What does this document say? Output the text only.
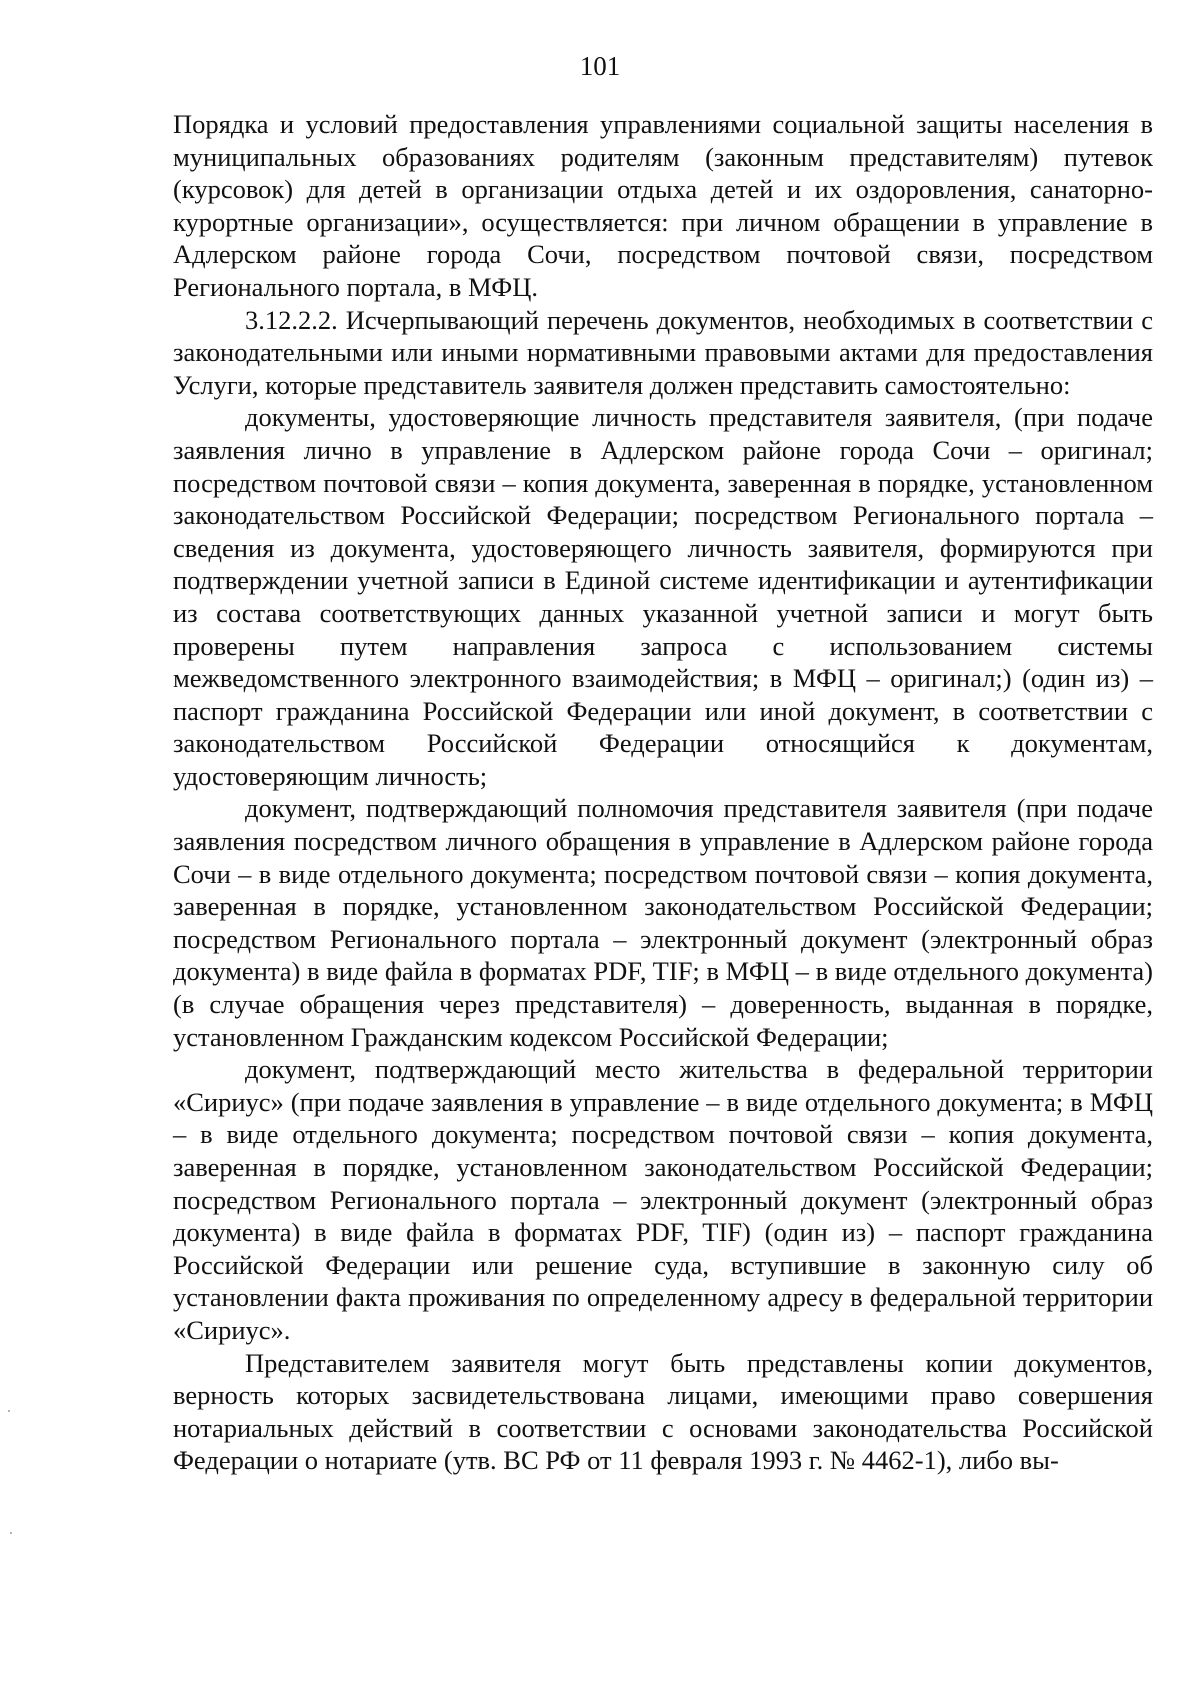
101

Порядка и условий предоставления управлениями социальной защиты населения в муниципальных образованиях родителям (законным представителям) путевок (курсовок) для детей в организации отдыха детей и их оздоровления, санаторно-курортные организации», осуществляется: при личном обращении в управление в Адлерском районе города Сочи, посредством почтовой связи, посредством Регионального портала, в МФЦ.

3.12.2.2. Исчерпывающий перечень документов, необходимых в соответствии с законодательными или иными нормативными правовыми актами для предоставления Услуги, которые представитель заявителя должен представить самостоятельно:

документы, удостоверяющие личность представителя заявителя, (при подаче заявления лично в управление в Адлерском районе города Сочи – оригинал; посредством почтовой связи – копия документа, заверенная в порядке, установленном законодательством Российской Федерации; посредством Регионального портала – сведения из документа, удостоверяющего личность заявителя, формируются при подтверждении учетной записи в Единой системе идентификации и аутентификации из состава соответствующих данных указанной учетной записи и могут быть проверены путем направления запроса с использованием системы межведомственного электронного взаимодействия; в МФЦ – оригинал;) (один из) – паспорт гражданина Российской Федерации или иной документ, в соответствии с законодательством Российской Федерации относящийся к документам, удостоверяющим личность;

документ, подтверждающий полномочия представителя заявителя (при подаче заявления посредством личного обращения в управление в Адлерском районе города Сочи – в виде отдельного документа; посредством почтовой связи – копия документа, заверенная в порядке, установленном законодательством Российской Федерации; посредством Регионального портала – электронный документ (электронный образ документа) в виде файла в форматах PDF, TIF; в МФЦ – в виде отдельного документа) (в случае обращения через представителя) – доверенность, выданная в порядке, установленном Гражданским кодексом Российской Федерации;

документ, подтверждающий место жительства в федеральной территории «Сириус» (при подаче заявления в управление – в виде отдельного документа; в МФЦ – в виде отдельного документа; посредством почтовой связи – копия документа, заверенная в порядке, установленном законодательством Российской Федерации; посредством Регионального портала – электронный документ (электронный образ документа) в виде файла в форматах PDF, TIF) (один из) – паспорт гражданина Российской Федерации или решение суда, вступившие в законную силу об установлении факта проживания по определенному адресу в федеральной территории «Сириус».

Представителем заявителя могут быть представлены копии документов, верность которых засвидетельствована лицами, имеющими право совершения нотариальных действий в соответствии с основами законодательства Российской Федерации о нотариате (утв. ВС РФ от 11 февраля 1993 г. № 4462-1), либо вы-
